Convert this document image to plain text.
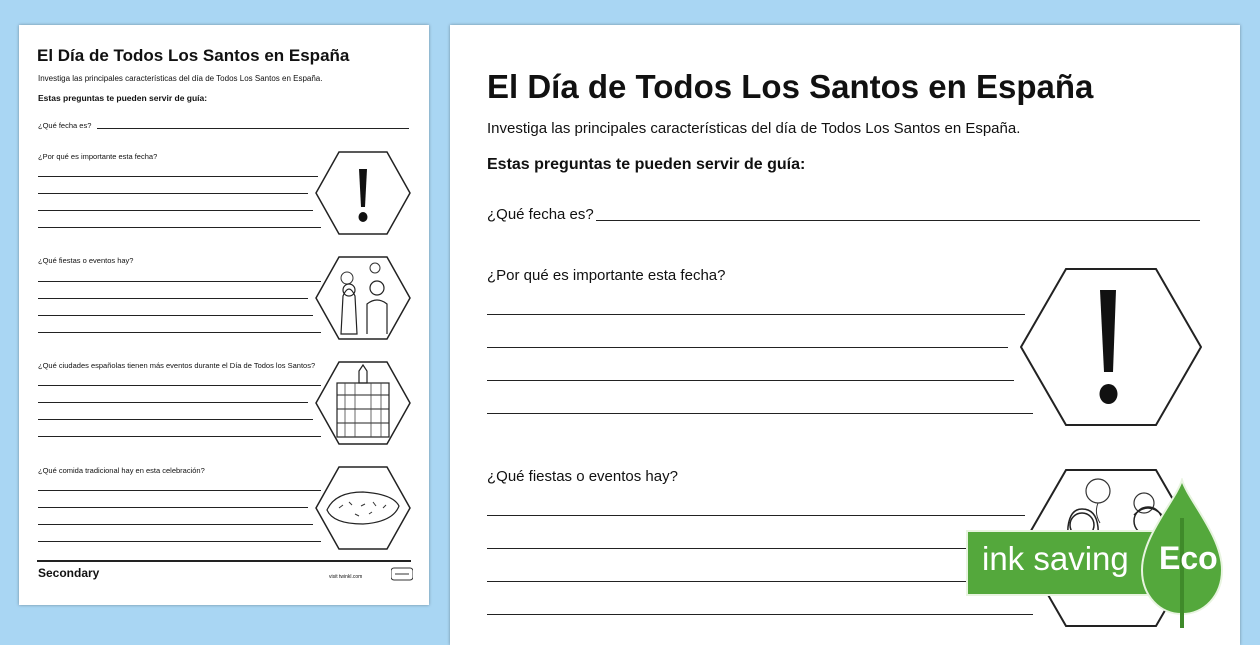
El Día de Todos Los Santos en España
Investiga las principales características del día de Todos Los Santos en España.
Estas preguntas te pueden servir de guía:
¿Qué fecha es?
¿Por qué es importante esta fecha?
¿Qué fiestas o eventos hay?
¿Qué ciudades españolas tienen más eventos durante el Día de Todos los Santos?
¿Qué comida tradicional hay en esta celebración?
Secondary	visit twinkl.com
El Día de Todos Los Santos en España
Investiga las principales características del día de Todos Los Santos en España.
Estas preguntas te pueden servir de guía:
¿Qué fecha es?
¿Por qué es importante esta fecha?
¿Qué fiestas o eventos hay?
ink saving Eco
